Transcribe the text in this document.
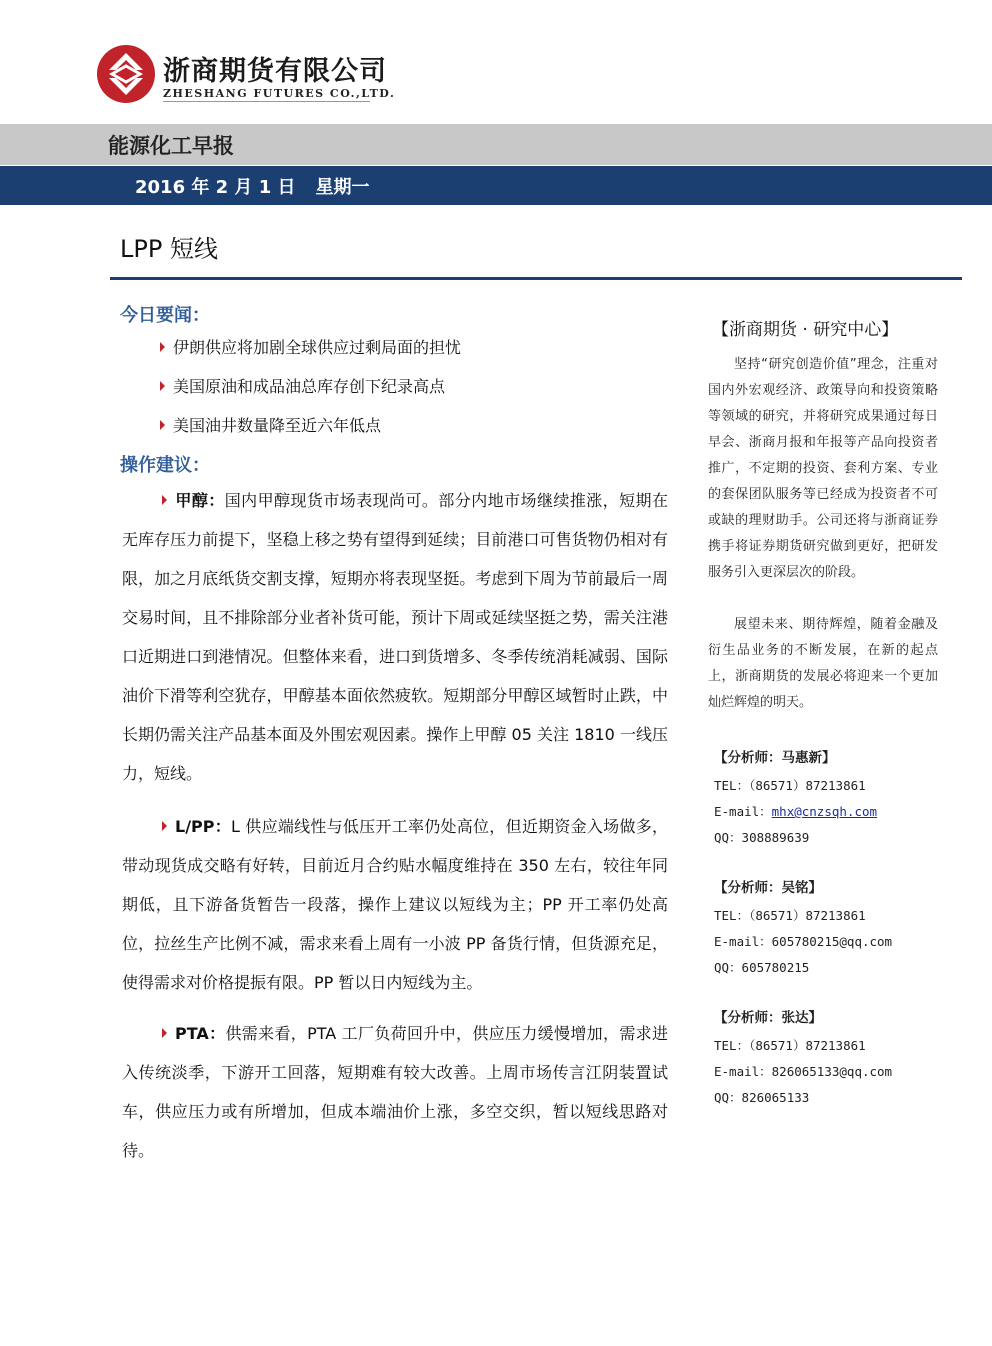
浙商期货有限公司
ZHESHANG FUTURES CO.,LTD.
能源化工早报
2016 年 2 月 1 日 星期一
LPP 短线
今日要闻：
伊朗供应将加剧全球供应过剩局面的担忧
美国原油和成品油总库存创下纪录高点
美国油井数量降至近六年低点
操作建议：

甲醇：国内甲醇现货市场表现尚可。部分内地市场继续推涨，短期在无库存压力前提下，坚稳上移之势有望得到延续；目前港口可售货物仍相对有限，加之月底纸货交割支撑，短期亦将表现坚挺。考虑到下周为节前最后一周交易时间，且不排除部分业者补货可能，预计下周或延续坚挺之势，需关注港口近期进口到港情况。但整体来看，进口到货增多、冬季传统消耗减弱、国际油价下滑等利空犹存，甲醇基本面依然疲软。短期部分甲醇区域暂时止跌，中长期仍需关注产品基本面及外围宏观因素。操作上甲醇 05 关注 1810 一线压力，短线。

L/PP：L 供应端线性与低压开工率仍处高位，但近期资金入场做多，带动现货成交略有好转，目前近月合约贴水幅度维持在 350 左右，较往年同期低，且下游备货暂告一段落，操作上建议以短线为主；PP 开工率仍处高位，拉丝生产比例不减，需求来看上周有一小波 PP 备货行情，但货源充足，使得需求对价格提振有限。PP 暂以日内短线为主。

PTA：供需来看，PTA 工厂负荷回升中，供应压力缓慢增加，需求进入传统淡季，下游开工回落，短期难有较大改善。上周市场传言江阴装置试车，供应压力或有所增加，但成本端油价上涨，多空交织，暂以短线思路对待。

【浙商期货 · 研究中心】

坚持“研究创造价值”理念，注重对国内外宏观经济、政策导向和投资策略等领域的研究，并将研究成果通过每日早会、浙商月报和年报等产品向投资者推广，不定期的投资、套利方案、专业的套保团队服务等已经成为投资者不可或缺的理财助手。公司还将与浙商证券携手将证券期货研究做到更好，把研发服务引入更深层次的阶段。

展望未来、期待辉煌，随着金融及衍生品业务的不断发展，在新的起点上，浙商期货的发展必将迎来一个更加灿烂辉煌的明天。

【分析师：马惠新】
TEL：（86571）87213861
E-mail：mhx@cnzsqh.com
QQ：308889639
【分析师：吴铭】
TEL：（86571）87213861
E-mail：605780215@qq.com
QQ：605780215
【分析师：张达】
TEL：（86571）87213861
E-mail：826065133@qq.com
QQ：826065133
